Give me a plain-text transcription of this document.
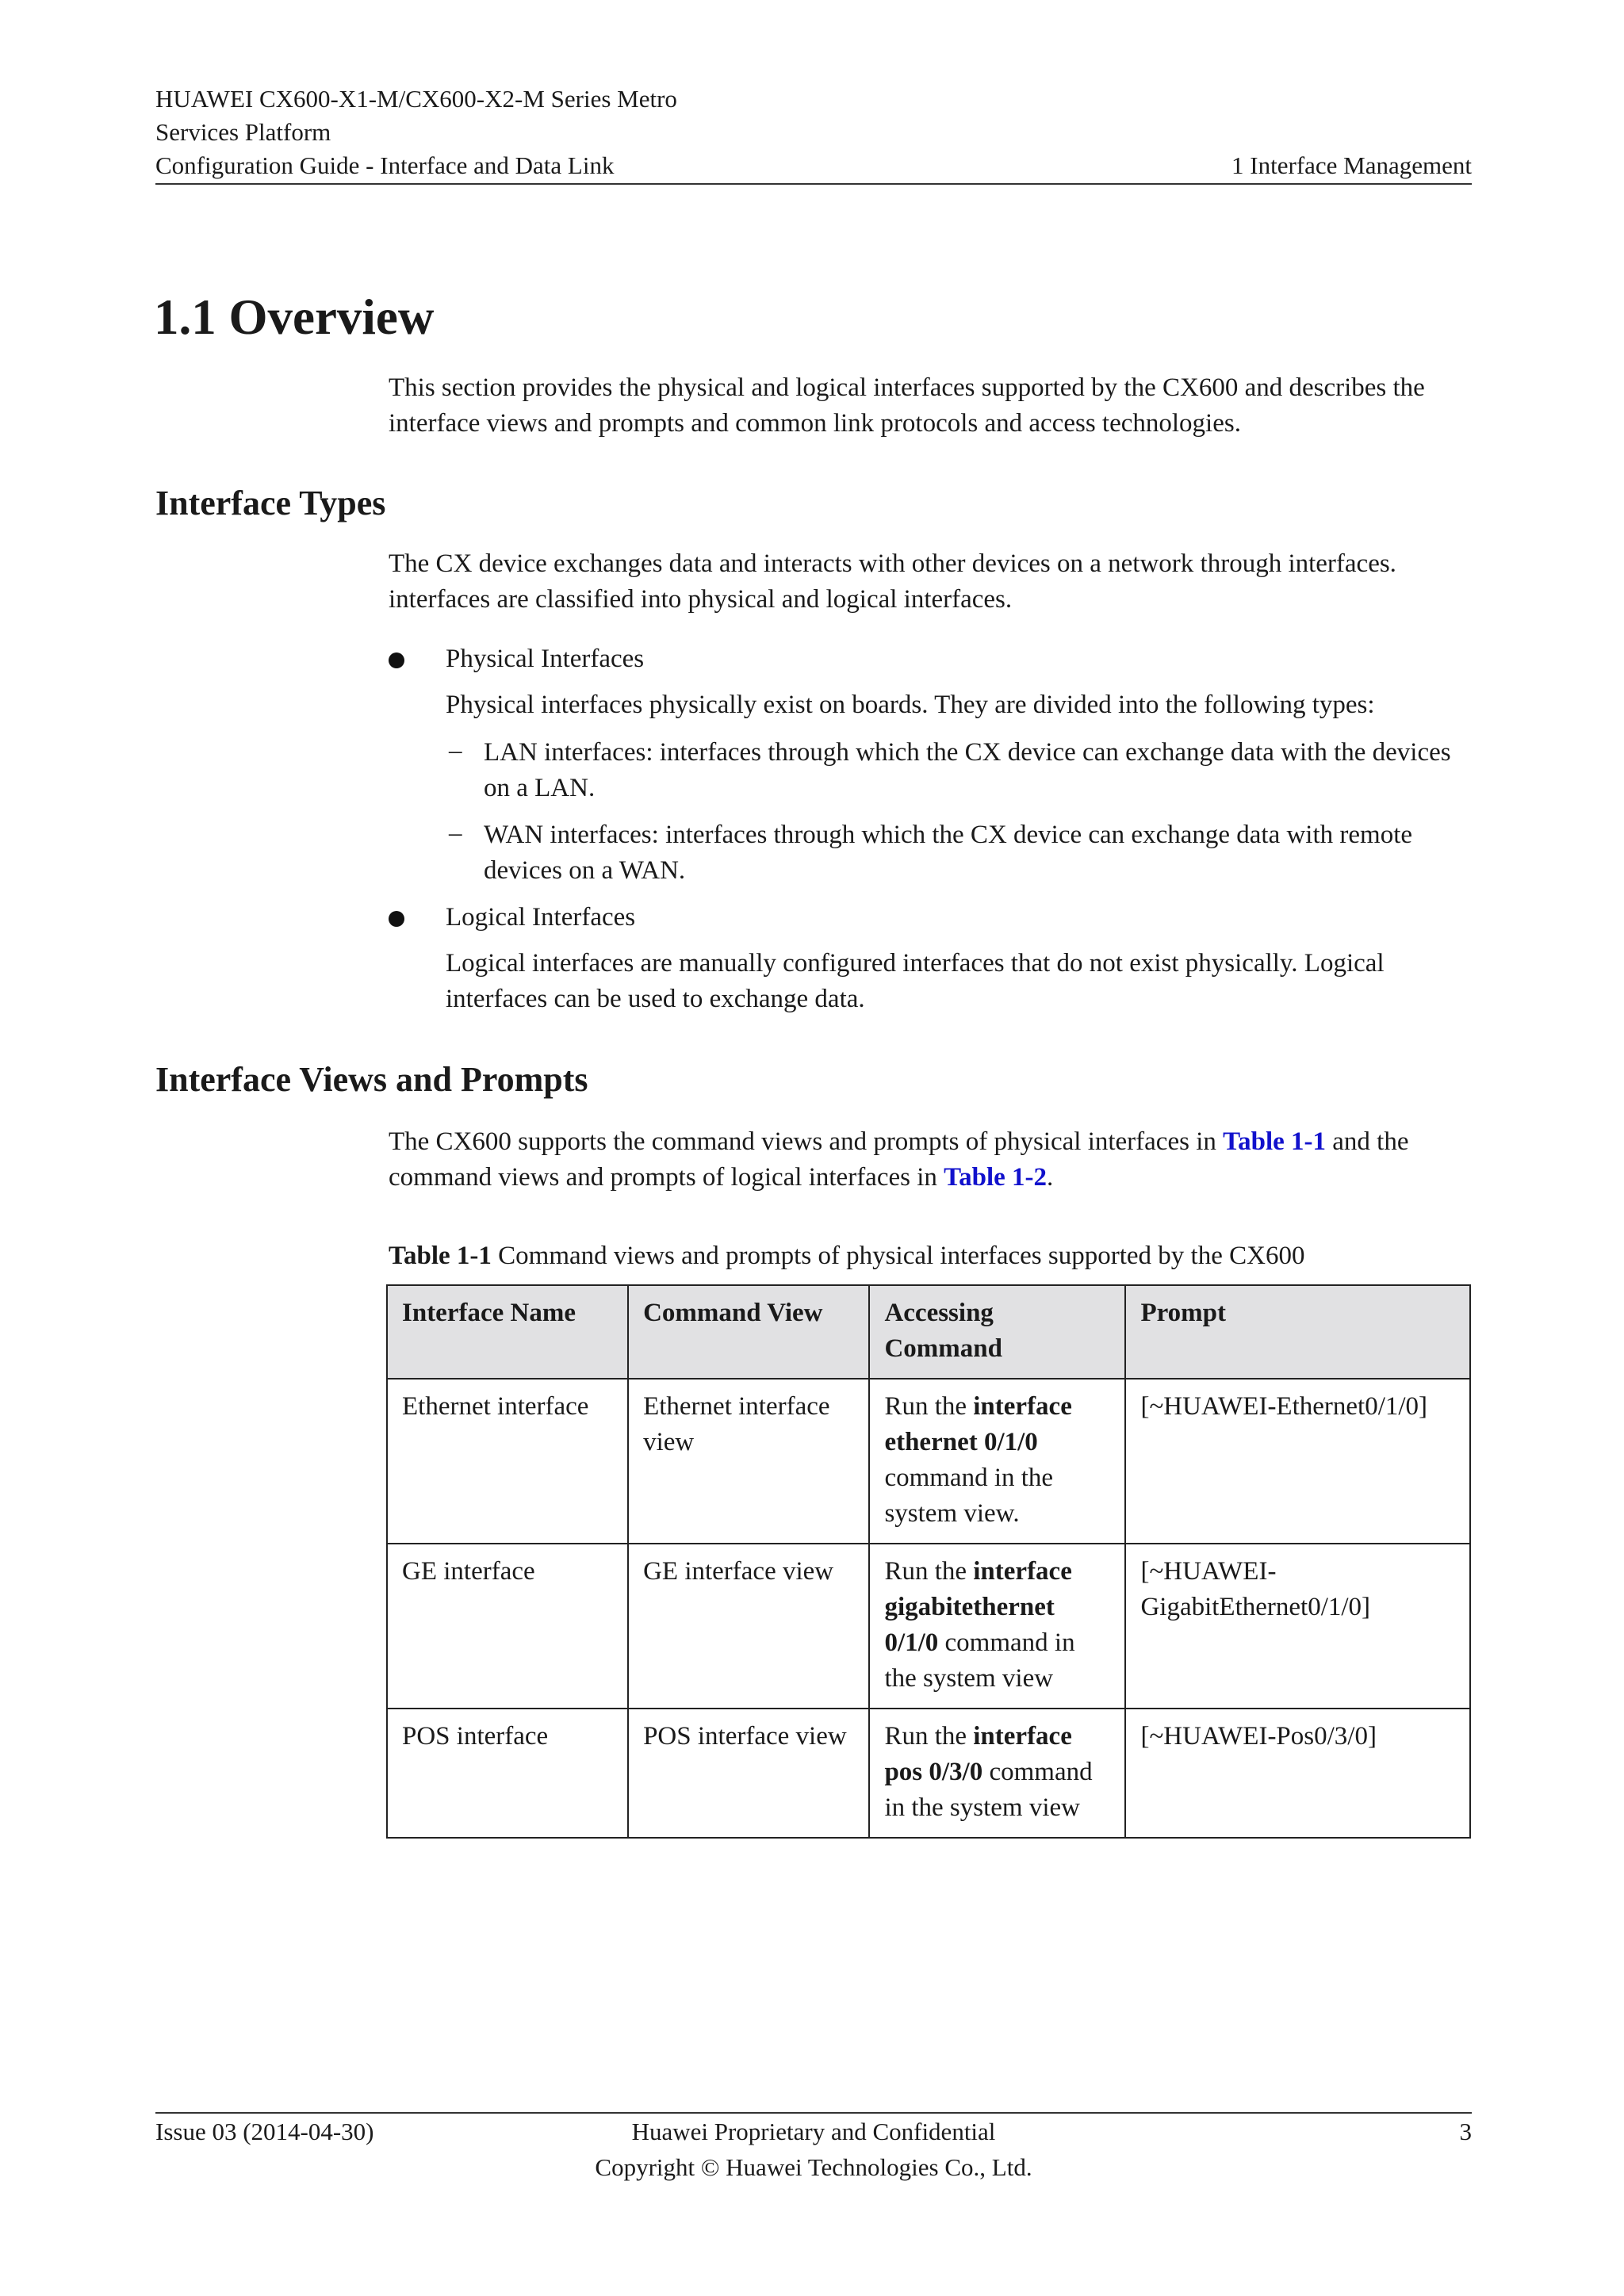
HUAWEI CX600-X1-M/CX600-X2-M Series Metro
Services Platform
Configuration Guide - Interface and Data Link	1 Interface Management
1.1 Overview

This section provides the physical and logical interfaces supported by the CX600 and describes the interface views and prompts and common link protocols and access technologies.

Interface Types

The CX device exchanges data and interacts with other devices on a network through interfaces. interfaces are classified into physical and logical interfaces.

Physical Interfaces

Physical interfaces physically exist on boards. They are divided into the following types:

– LAN interfaces: interfaces through which the CX device can exchange data with the devices on a LAN.

– WAN interfaces: interfaces through which the CX device can exchange data with remote devices on a WAN.

Logical Interfaces

Logical interfaces are manually configured interfaces that do not exist physically. Logical interfaces can be used to exchange data.

Interface Views and Prompts

The CX600 supports the command views and prompts of physical interfaces in Table 1-1 and the command views and prompts of logical interfaces in Table 1-2.

Table 1-1 Command views and prompts of physical interfaces supported by the CX600
Interface Name	Command View	Accessing Command	Prompt
Ethernet interface	Ethernet interface view	Run the interface ethernet 0/1/0 command in the system view.	[~HUAWEI-Ethernet0/1/0]
GE interface	GE interface view	Run the interface gigabitethernet 0/1/0 command in the system view	[~HUAWEI-GigabitEthernet0/1/0]
POS interface	POS interface view	Run the interface pos 0/3/0 command in the system view	[~HUAWEI-Pos0/3/0]
Issue 03 (2014-04-30)	Huawei Proprietary and Confidential
Copyright © Huawei Technologies Co., Ltd.
3
